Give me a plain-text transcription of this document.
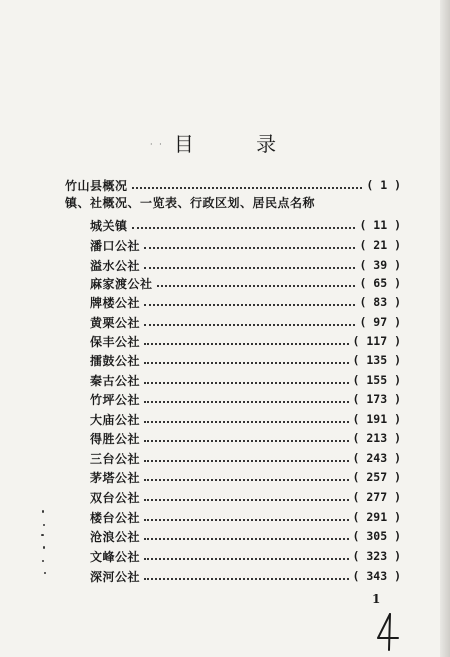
· · 目 录
竹山县概况	( 1 )
镇、社概况、一览表、行政区划、居民点名称
城关镇	( 11 )
潘口公社	( 21 )
溢水公社	( 39 )
麻家渡公社	( 65 )
牌楼公社	( 83 )
黄栗公社	( 97 )
保丰公社	( 117 )
擂鼓公社	( 135 )
秦古公社	( 155 )
竹坪公社	( 173 )
大庙公社	( 191 )
得胜公社	( 213 )
三台公社	( 243 )
茅塔公社	( 257 )
双台公社	( 277 )
楼台公社	( 291 )
沧浪公社	( 305 )
文峰公社	( 323 )
深河公社	( 343 )
1
